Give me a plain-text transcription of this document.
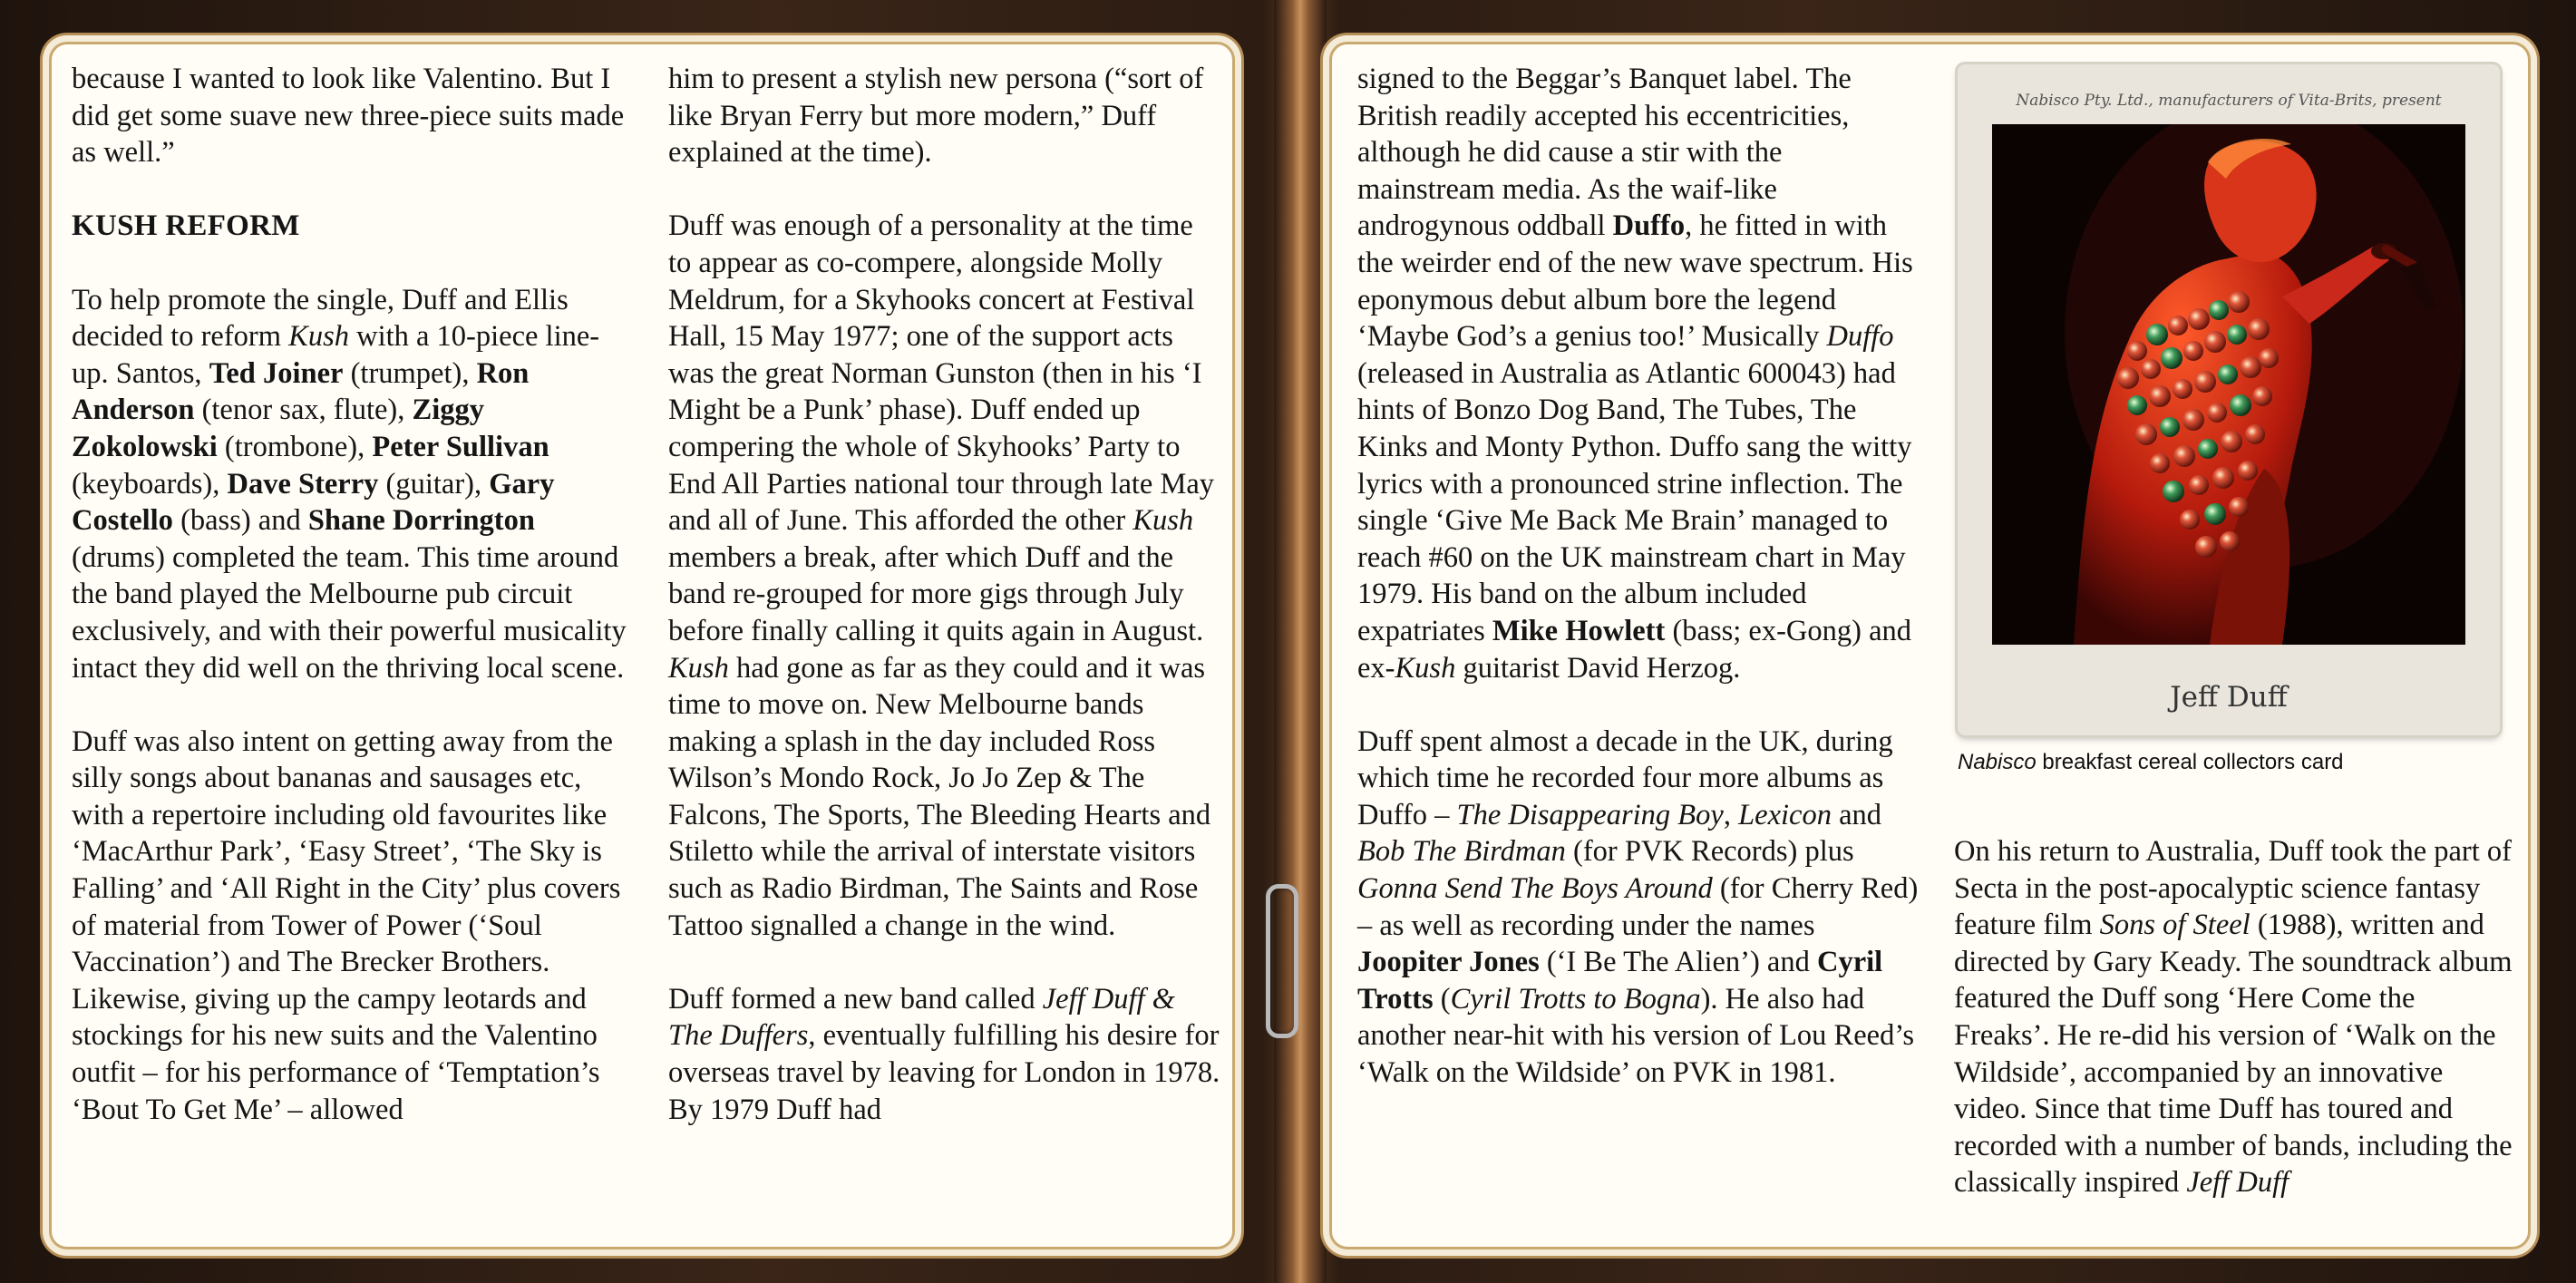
because I wanted to look like Valentino. But I did get some suave new three-piece suits made as well.”

KUSH REFORM

To help promote the single, Duff and Ellis decided to reform Kush with a 10-piece line-up. Santos, Ted Joiner (trumpet), Ron Anderson (tenor sax, flute), Ziggy Zokolowski (trombone), Peter Sullivan (keyboards), Dave Sterry (guitar), Gary Costello (bass) and Shane Dorrington (drums) completed the team. This time around the band played the Melbourne pub circuit exclusively, and with their powerful musicality intact they did well on the thriving local scene.

Duff was also intent on getting away from the silly songs about bananas and sausages etc, with a repertoire including old favourites like ‘MacArthur Park’, ‘Easy Street’, ‘The Sky is Falling’ and ‘All Right in the City’ plus covers of material from Tower of Power (‘Soul Vaccination’) and The Brecker Brothers. Likewise, giving up the campy leotards and stockings for his new suits and the Valentino outfit – for his performance of ‘Temptation’s ‘Bout To Get Me’ – allowed

him to present a stylish new persona (“sort of like Bryan Ferry but more modern,” Duff explained at the time).

Duff was enough of a personality at the time to appear as co-compere, alongside Molly Meldrum, for a Skyhooks concert at Festival Hall, 15 May 1977; one of the support acts was the great Norman Gunston (then in his ‘I Might be a Punk’ phase). Duff ended up compering the whole of Skyhooks’ Party to End All Parties national tour through late May and all of June. This afforded the other Kush members a break, after which Duff and the band re-grouped for more gigs through July before finally calling it quits again in August. Kush had gone as far as they could and it was time to move on. New Melbourne bands making a splash in the day included Ross Wilson’s Mondo Rock, Jo Jo Zep & The Falcons, The Sports, The Bleeding Hearts and Stiletto while the arrival of interstate visitors such as Radio Birdman, The Saints and Rose Tattoo signalled a change in the wind.

Duff formed a new band called Jeff Duff & The Duffers, eventually fulfilling his desire for overseas travel by leaving for London in 1978. By 1979 Duff had

signed to the Beggar’s Banquet label. The British readily accepted his eccentricities, although he did cause a stir with the mainstream media. As the waif-like androgynous oddball Duffo, he fitted in with the weirder end of the new wave spectrum. His eponymous debut album bore the legend ‘Maybe God’s a genius too!’ Musically Duffo (released in Australia as Atlantic 600043) had hints of Bonzo Dog Band, The Tubes, The Kinks and Monty Python. Duffo sang the witty lyrics with a pronounced strine inflection. The single ‘Give Me Back Me Brain’ managed to reach #60 on the UK mainstream chart in May 1979. His band on the album included expatriates Mike Howlett (bass; ex-Gong) and ex-Kush guitarist David Herzog.

Duff spent almost a decade in the UK, during which time he recorded four more albums as Duffo – The Disappearing Boy, Lexicon and Bob The Birdman (for PVK Records) plus Gonna Send The Boys Around (for Cherry Red) – as well as recording under the names Joopiter Jones (‘I Be The Alien’) and Cyril Trotts (Cyril Trotts to Bogna). He also had another near-hit with his version of Lou Reed’s ‘Walk on the Wildside’ on PVK in 1981.

Nabisco Pty. Ltd., manufacturers of Vita-Brits, present
Jeff Duff
Nabisco breakfast cereal collectors card

On his return to Australia, Duff took the part of Secta in the post-apocalyptic science fantasy feature film Sons of Steel (1988), written and directed by Gary Keady. The soundtrack album featured the Duff song ‘Here Come the Freaks’. He re-did his version of ‘Walk on the Wildside’, accompanied by an innovative video. Since that time Duff has toured and recorded with a number of bands, including the classically inspired Jeff Duff
